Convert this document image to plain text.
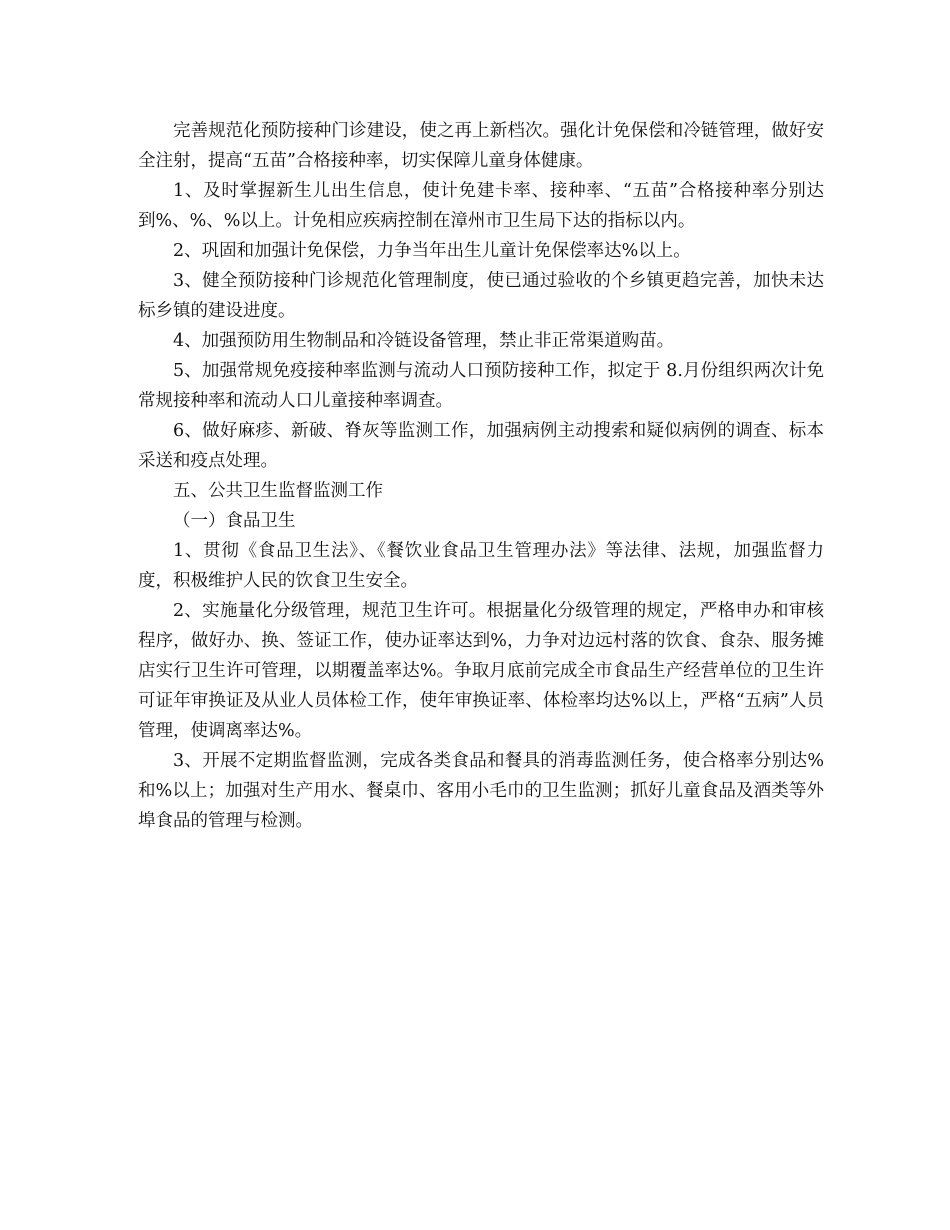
完善规范化预防接种门诊建设，使之再上新档次。强化计免保偿和冷链管理，做好安全注射，提高“五苗”合格接种率，切实保障儿童身体健康。

1、及时掌握新生儿出生信息，使计免建卡率、接种率、“五苗”合格接种率分别达到%、%、%以上。计免相应疾病控制在漳州市卫生局下达的指标以内。

2、巩固和加强计免保偿，力争当年出生儿童计免保偿率达%以上。

3、健全预防接种门诊规范化管理制度，使已通过验收的个乡镇更趋完善，加快未达标乡镇的建设进度。

4、加强预防用生物制品和冷链设备管理，禁止非正常渠道购苗。

5、加强常规免疫接种率监测与流动人口预防接种工作，拟定于 8.月份组织两次计免常规接种率和流动人口儿童接种率调查。

6、做好麻疹、新破、脊灰等监测工作，加强病例主动搜索和疑似病例的调查、标本采送和疫点处理。

五、公共卫生监督监测工作

（一）食品卫生

1、贯彻《食品卫生法》、《餐饮业食品卫生管理办法》等法律、法规，加强监督力度，积极维护人民的饮食卫生安全。

2、实施量化分级管理，规范卫生许可。根据量化分级管理的规定，严格申办和审核程序，做好办、换、签证工作，使办证率达到%，力争对边远村落的饮食、食杂、服务摊店实行卫生许可管理，以期覆盖率达%。争取月底前完成全市食品生产经营单位的卫生许可证年审换证及从业人员体检工作，使年审换证率、体检率均达%以上，严格“五病”人员管理，使调离率达%。

3、开展不定期监督监测，完成各类食品和餐具的消毒监测任务，使合格率分别达%和%以上；加强对生产用水、餐桌巾、客用小毛巾的卫生监测；抓好儿童食品及酒类等外埠食品的管理与检测。
